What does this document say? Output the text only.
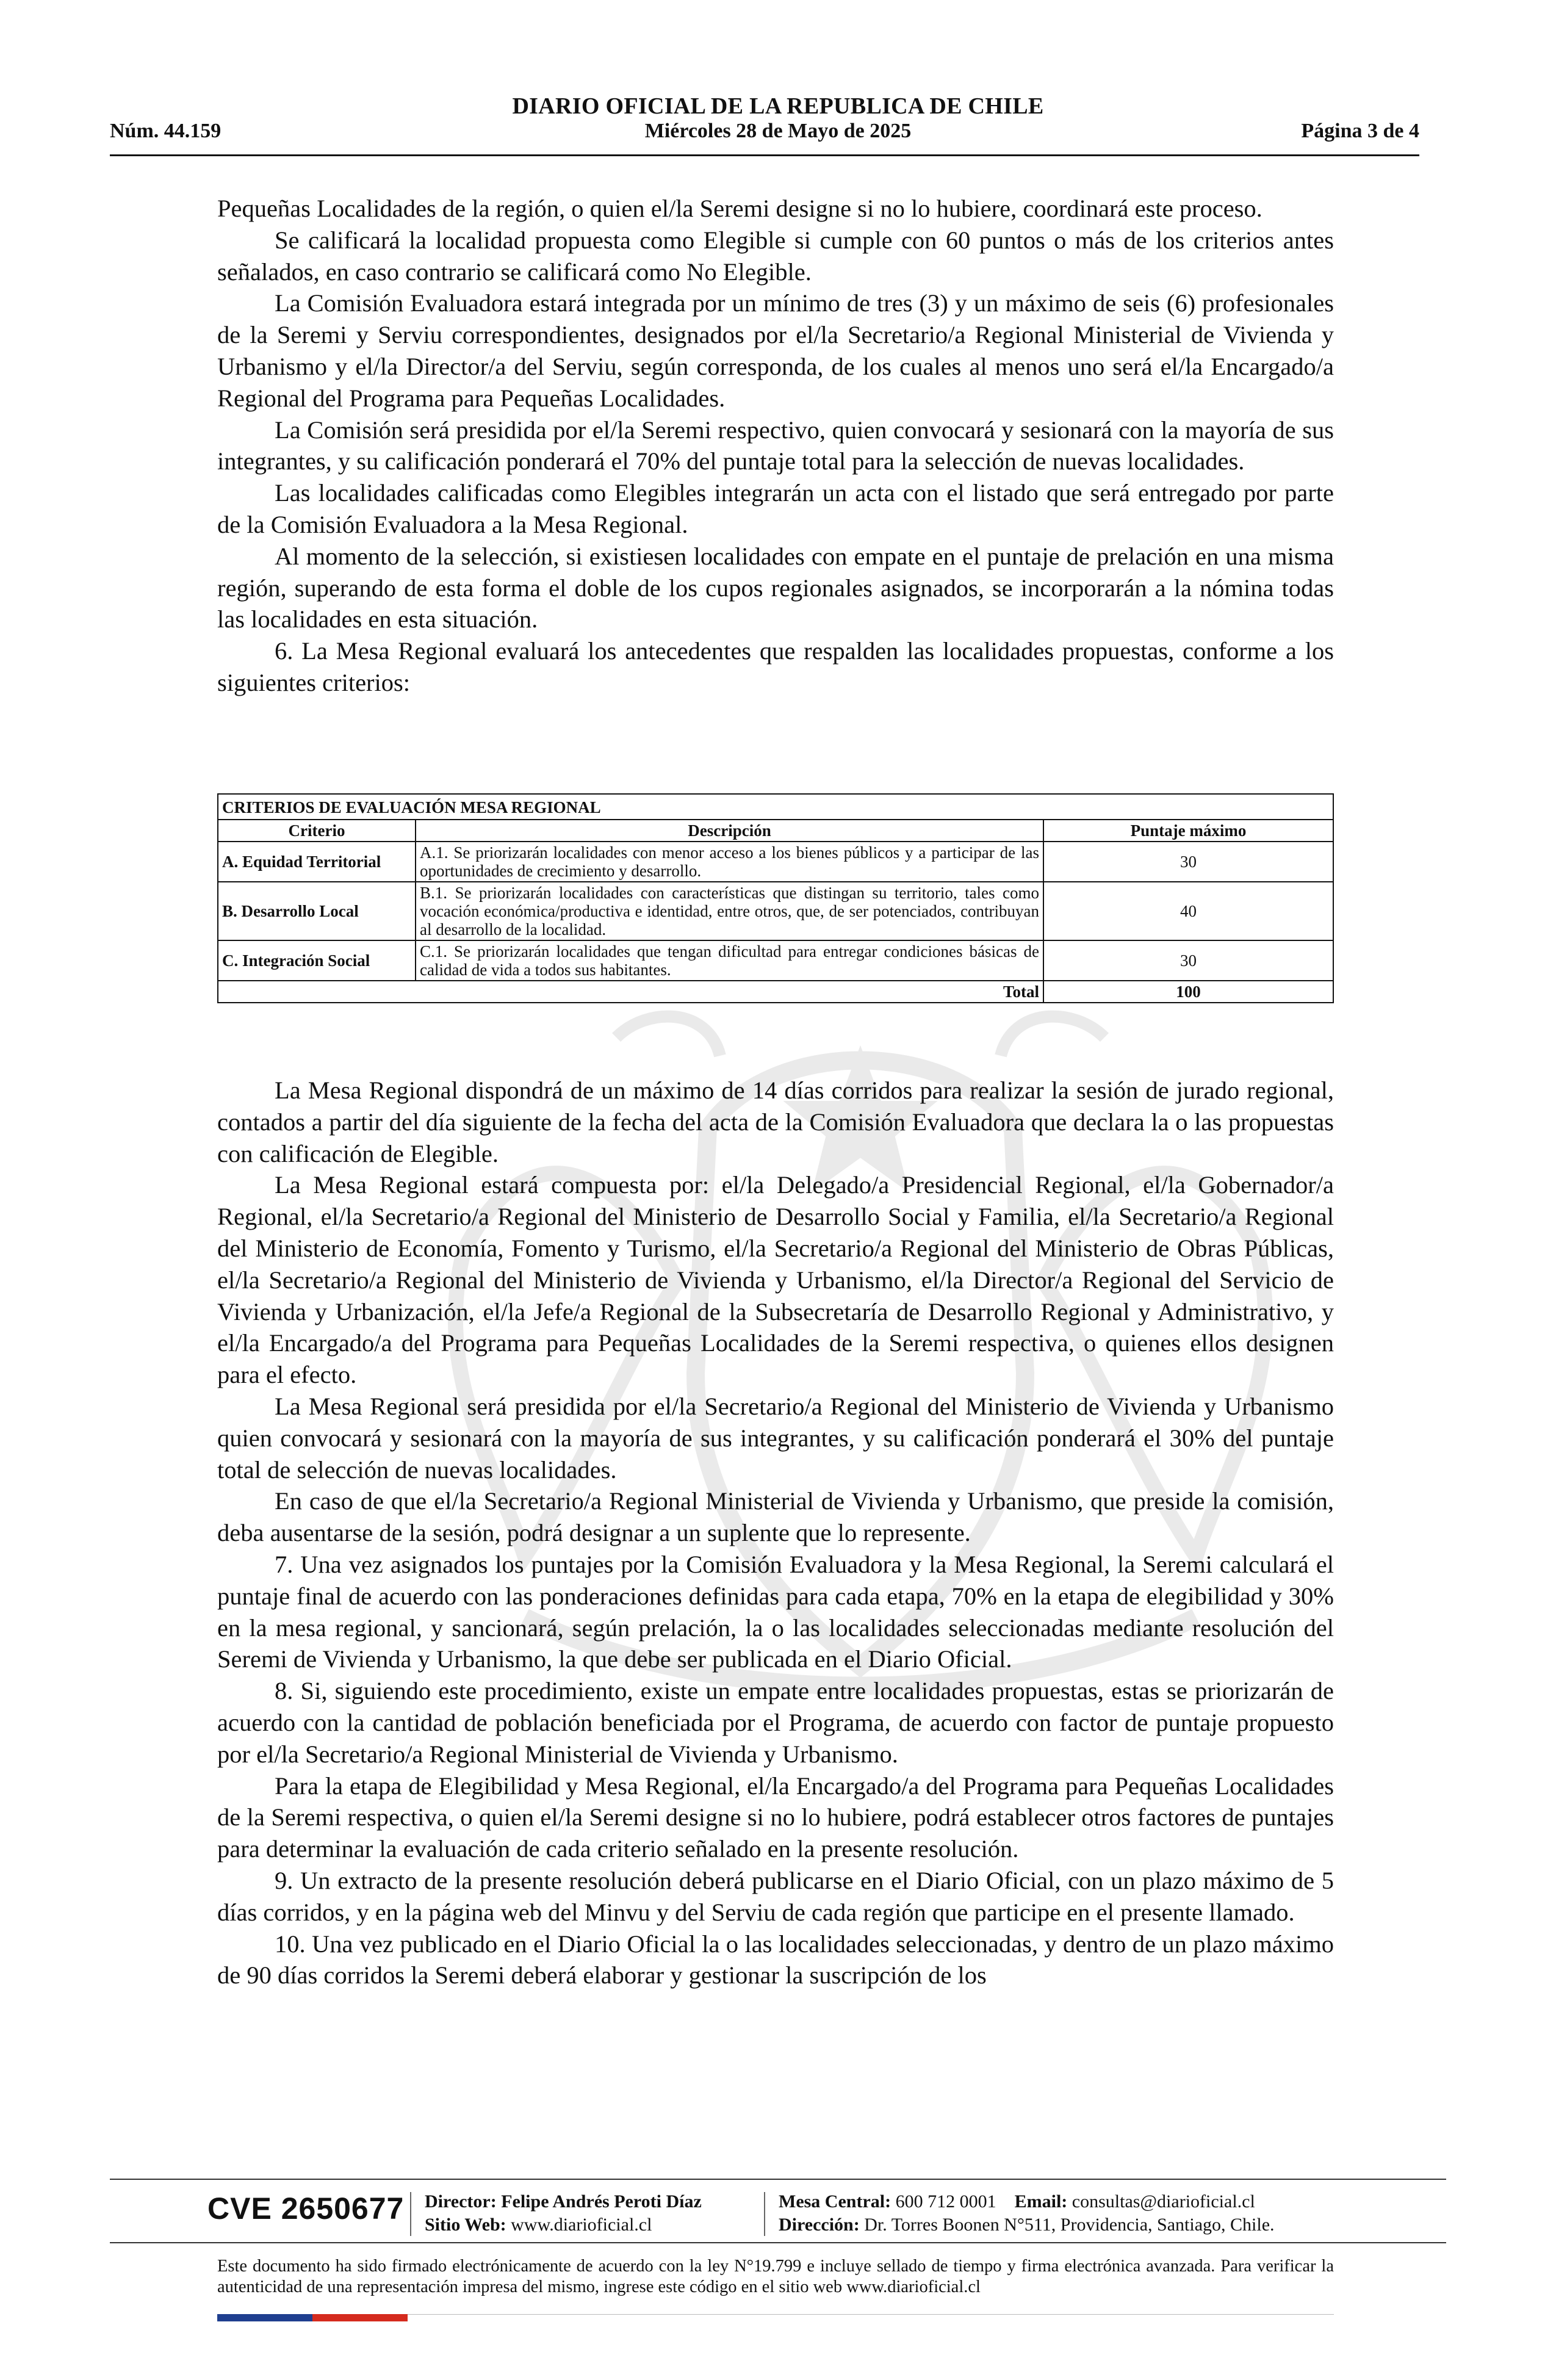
DIARIO OFICIAL DE LA REPUBLICA DE CHILE
Núm. 44.159	Miércoles 28 de Mayo de 2025	Página 3 de 4

Pequeñas Localidades de la región, o quien el/la Seremi designe si no lo hubiere, coordinará este proceso.

Se calificará la localidad propuesta como Elegible si cumple con 60 puntos o más de los criterios antes señalados, en caso contrario se calificará como No Elegible.

La Comisión Evaluadora estará integrada por un mínimo de tres (3) y un máximo de seis (6) profesionales de la Seremi y Serviu correspondientes, designados por el/la Secretario/a Regional Ministerial de Vivienda y Urbanismo y el/la Director/a del Serviu, según corresponda, de los cuales al menos uno será el/la Encargado/a Regional del Programa para Pequeñas Localidades.

La Comisión será presidida por el/la Seremi respectivo, quien convocará y sesionará con la mayoría de sus integrantes, y su calificación ponderará el 70% del puntaje total para la selección de nuevas localidades.

Las localidades calificadas como Elegibles integrarán un acta con el listado que será entregado por parte de la Comisión Evaluadora a la Mesa Regional.

Al momento de la selección, si existiesen localidades con empate en el puntaje de prelación en una misma región, superando de esta forma el doble de los cupos regionales asignados, se incorporarán a la nómina todas las localidades en esta situación.

6. La Mesa Regional evaluará los antecedentes que respalden las localidades propuestas, conforme a los siguientes criterios:

CRITERIOS DE EVALUACIÓN MESA REGIONAL		
Criterio	Descripción	Puntaje máximo
A. Equidad Territorial	A.1. Se priorizarán localidades con menor acceso a los bienes públicos y a participar de las oportunidades de crecimiento y desarrollo.	30
B. Desarrollo Local	B.1. Se priorizarán localidades con características que distingan su territorio, tales como vocación económica/productiva e identidad, entre otros, que, de ser potenciados, contribuyan al desarrollo de la localidad.	40
C. Integración Social	C.1. Se priorizarán localidades que tengan dificultad para entregar condiciones básicas de calidad de vida a todos sus habitantes.	30
	Total	100

La Mesa Regional dispondrá de un máximo de 14 días corridos para realizar la sesión de jurado regional, contados a partir del día siguiente de la fecha del acta de la Comisión Evaluadora que declara la o las propuestas con calificación de Elegible.

La Mesa Regional estará compuesta por: el/la Delegado/a Presidencial Regional, el/la Gobernador/a Regional, el/la Secretario/a Regional del Ministerio de Desarrollo Social y Familia, el/la Secretario/a Regional del Ministerio de Economía, Fomento y Turismo, el/la Secretario/a Regional del Ministerio de Obras Públicas, el/la Secretario/a Regional del Ministerio de Vivienda y Urbanismo, el/la Director/a Regional del Servicio de Vivienda y Urbanización, el/la Jefe/a Regional de la Subsecretaría de Desarrollo Regional y Administrativo, y el/la Encargado/a del Programa para Pequeñas Localidades de la Seremi respectiva, o quienes ellos designen para el efecto.

La Mesa Regional será presidida por el/la Secretario/a Regional del Ministerio de Vivienda y Urbanismo quien convocará y sesionará con la mayoría de sus integrantes, y su calificación ponderará el 30% del puntaje total de selección de nuevas localidades.

En caso de que el/la Secretario/a Regional Ministerial de Vivienda y Urbanismo, que preside la comisión, deba ausentarse de la sesión, podrá designar a un suplente que lo represente.

7. Una vez asignados los puntajes por la Comisión Evaluadora y la Mesa Regional, la Seremi calculará el puntaje final de acuerdo con las ponderaciones definidas para cada etapa, 70% en la etapa de elegibilidad y 30% en la mesa regional, y sancionará, según prelación, la o las localidades seleccionadas mediante resolución del Seremi de Vivienda y Urbanismo, la que debe ser publicada en el Diario Oficial.

8. Si, siguiendo este procedimiento, existe un empate entre localidades propuestas, estas se priorizarán de acuerdo con la cantidad de población beneficiada por el Programa, de acuerdo con factor de puntaje propuesto por el/la Secretario/a Regional Ministerial de Vivienda y Urbanismo.

Para la etapa de Elegibilidad y Mesa Regional, el/la Encargado/a del Programa para Pequeñas Localidades de la Seremi respectiva, o quien el/la Seremi designe si no lo hubiere, podrá establecer otros factores de puntajes para determinar la evaluación de cada criterio señalado en la presente resolución.

9. Un extracto de la presente resolución deberá publicarse en el Diario Oficial, con un plazo máximo de 5 días corridos, y en la página web del Minvu y del Serviu de cada región que participe en el presente llamado.

10. Una vez publicado en el Diario Oficial la o las localidades seleccionadas, y dentro de un plazo máximo de 90 días corridos la Seremi deberá elaborar y gestionar la suscripción de los

CVE 2650677 Director: Felipe Andrés Peroti Díaz
Sitio Web: www.diarioficial.cl
Mesa Central: 600 712 0001 Email: consultas@diarioficial.cl
Dirección: Dr. Torres Boonen N°511, Providencia, Santiago, Chile.
Este documento ha sido firmado electrónicamente de acuerdo con la ley N°19.799 e incluye sellado de tiempo y firma electrónica avanzada. Para verificar la autenticidad de una representación impresa del mismo, ingrese este código en el sitio web www.diarioficial.cl
